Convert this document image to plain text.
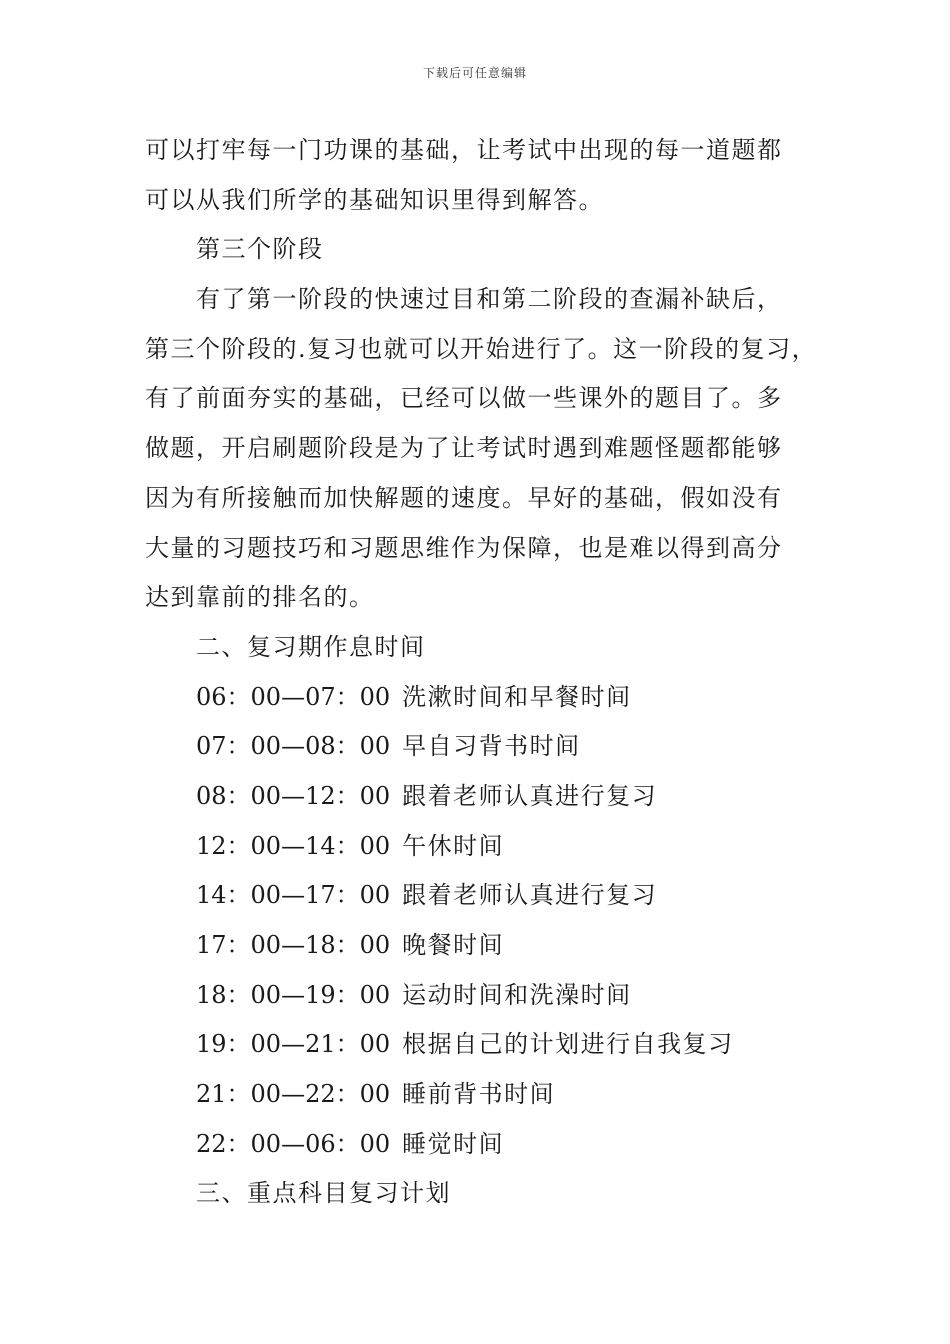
下载后可任意编辑
可以打牢每一门功课的基础，让考试中出现的每一道题都
可以从我们所学的基础知识里得到解答。
第三个阶段
有了第一阶段的快速过目和第二阶段的查漏补缺后，
第三个阶段的.复习也就可以开始进行了。这一阶段的复习，
有了前面夯实的基础，已经可以做一些课外的题目了。多
做题，开启刷题阶段是为了让考试时遇到难题怪题都能够
因为有所接触而加快解题的速度。早好的基础，假如没有
大量的习题技巧和习题思维作为保障，也是难以得到高分
达到靠前的排名的。
二、复习期作息时间
06：00—07：00 洗漱时间和早餐时间
07：00—08：00 早自习背书时间
08：00—12：00 跟着老师认真进行复习
12：00—14：00 午休时间
14：00—17：00 跟着老师认真进行复习
17：00—18：00 晚餐时间
18：00—19：00 运动时间和洗澡时间
19：00—21：00 根据自己的计划进行自我复习
21：00—22：00 睡前背书时间
22：00—06：00 睡觉时间
三、重点科目复习计划
